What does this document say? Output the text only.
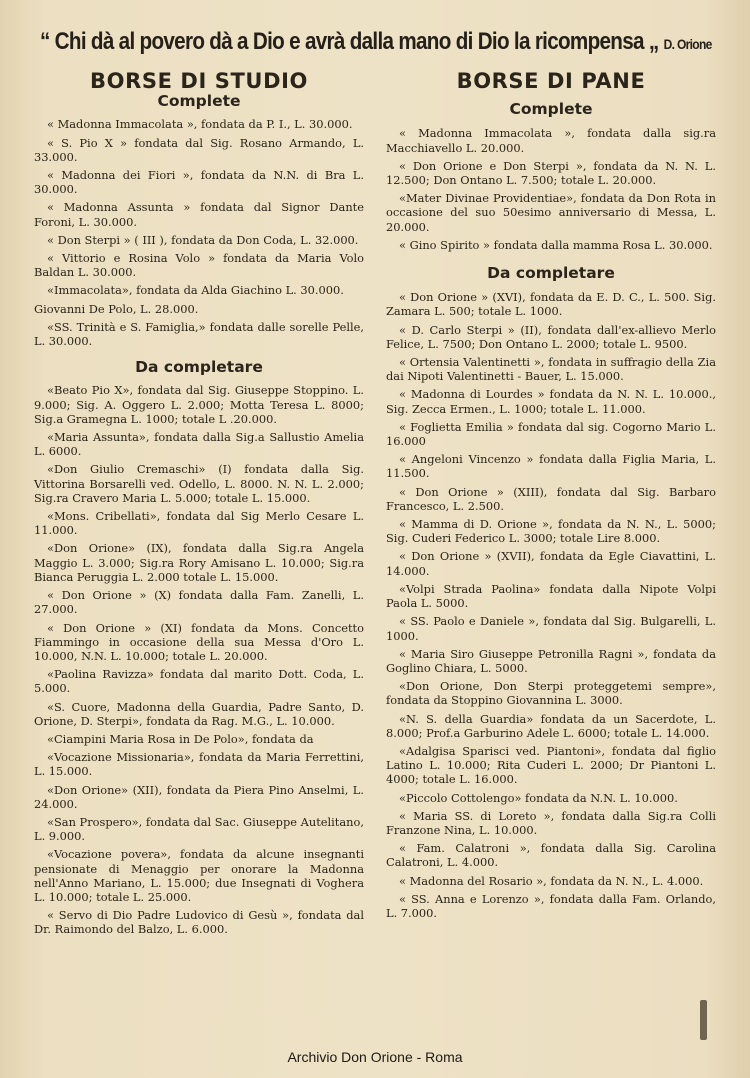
“ Chi dà al povero dà a Dio e avrà dalla mano di Dio la ricompensa „ D. Orione
BORSE DI STUDIO
Complete

« Madonna Immacolata », fondata da P. I., L. 30.000.

« S. Pio X » fondata dal Sig. Rosano Armando, L. 33.000.

« Madonna dei Fiori », fondata da N.N. di Bra L. 30.000.

« Madonna Assunta » fondata dal Signor Dante Foroni, L. 30.000.

« Don Sterpi » ( III ), fondata da Don Coda, L. 32.000.

« Vittorio e Rosina Volo » fondata da Maria Volo Baldan L. 30.000.

«Immacolata», fondata da Alda Giachino L. 30.000.

Giovanni De Polo, L. 28.000.

«SS. Trinità e S. Famiglia,» fondata dalle sorelle Pelle, L. 30.000.

Da completare

«Beato Pio X», fondata dal Sig. Giuseppe Stoppino. L. 9.000; Sig. A. Oggero L. 2.000; Motta Teresa L. 8000; Sig.a Gramegna L. 1000; totale L .20.000.

«Maria Assunta», fondata dalla Sig.a Sallustio Amelia L. 6000.

«Don Giulio Cremaschi» (I) fondata dalla Sig. Vittorina Borsarelli ved. Odello, L. 8000. N. N. L. 2.000; Sig.ra Cravero Maria L. 5.000; totale L. 15.000.

«Mons. Cribellati», fondata dal Sig Merlo Cesare L. 11.000.

«Don Orione» (IX), fondata dalla Sig.ra Angela Maggio L. 3.000; Sig.ra Rory Amisano L. 10.000; Sig.ra Bianca Peruggia L. 2.000 totale L. 15.000.

« Don Orione » (X) fondata dalla Fam. Zanelli, L. 27.000.

« Don Orione » (XI) fondata da Mons. Concetto Fiammingo in occasione della sua Messa d'Oro L. 10.000, N.N. L. 10.000; totale L. 20.000.

«Paolina Ravizza» fondata dal marito Dott. Coda, L. 5.000.

«S. Cuore, Madonna della Guardia, Padre Santo, D. Orione, D. Sterpi», fondata da Rag. M.G., L. 10.000.

«Ciampini Maria Rosa in De Polo», fondata da

«Vocazione Missionaria», fondata da Maria Ferrettini, L. 15.000.

«Don Orione» (XII), fondata da Piera Pino Anselmi, L. 24.000.

«San Prospero», fondata dal Sac. Giuseppe Autelitano, L. 9.000.

«Vocazione povera», fondata da alcune insegnanti pensionate di Menaggio per onorare la Madonna nell'Anno Mariano, L. 15.000; due Insegnati di Voghera L. 10.000; totale L. 25.000.

« Servo di Dio Padre Ludovico di Gesù », fondata dal Dr. Raimondo del Balzo, L. 6.000.

BORSE DI PANE
Complete

« Madonna Immacolata », fondata dalla sig.ra Macchiavello L. 20.000.

« Don Orione e Don Sterpi », fondata da N. N. L. 12.500; Don Ontano L. 7.500; totale L. 20.000.

«Mater Divinae Providentiae», fondata da Don Rota in occasione del suo 50esimo anniversario di Messa, L. 20.000.

« Gino Spirito » fondata dalla mamma Rosa L. 30.000.

Da completare

« Don Orione » (XVI), fondata da E. D. C., L. 500. Sig. Zamara L. 500; totale L. 1000.

« D. Carlo Sterpi » (II), fondata dall'ex-allievo Merlo Felice, L. 7500; Don Ontano L. 2000; totale L. 9500.

« Ortensia Valentinetti », fondata in suffragio della Zia dai Nipoti Valentinetti - Bauer, L. 15.000.

« Madonna di Lourdes » fondata da N. N. L. 10.000., Sig. Zecca Ermen., L. 1000; totale L. 11.000.

« Foglietta Emilia » fondata dal sig. Cogorno Mario L. 16.000

« Angeloni Vincenzo » fondata dalla Figlia Maria, L. 11.500.

« Don Orione » (XIII), fondata dal Sig. Barbaro Francesco, L. 2.500.

« Mamma di D. Orione », fondata da N. N., L. 5000; Sig. Cuderi Federico L. 3000; totale Lire 8.000.

« Don Orione » (XVII), fondata da Egle Ciavattini, L. 14.000.

«Volpi Strada Paolina» fondata dalla Nipote Volpi Paola L. 5000.

« SS. Paolo e Daniele », fondata dal Sig. Bulgarelli, L. 1000.

« Maria Siro Giuseppe Petronilla Ragni », fondata da Goglino Chiara, L. 5000.

«Don Orione, Don Sterpi proteggetemi sempre», fondata da Stoppino Giovannina L. 3000.

«N. S. della Guardia» fondata da un Sacerdote, L. 8.000; Prof.a Garburino Adele L. 6000; totale L. 14.000.

«Adalgisa Sparisci ved. Piantoni», fondata dal figlio Latino L. 10.000; Rita Cuderi L. 2000; Dr Piantoni L. 4000; totale L. 16.000.

«Piccolo Cottolengo» fondata da N.N. L. 10.000.

« Maria SS. di Loreto », fondata dalla Sig.ra Colli Franzone Nina, L. 10.000.

« Fam. Calatroni », fondata dalla Sig. Carolina Calatroni, L. 4.000.

« Madonna del Rosario », fondata da N. N., L. 4.000.

« SS. Anna e Lorenzo », fondata dalla Fam. Orlando, L. 7.000.

Archivio Don Orione - Roma
